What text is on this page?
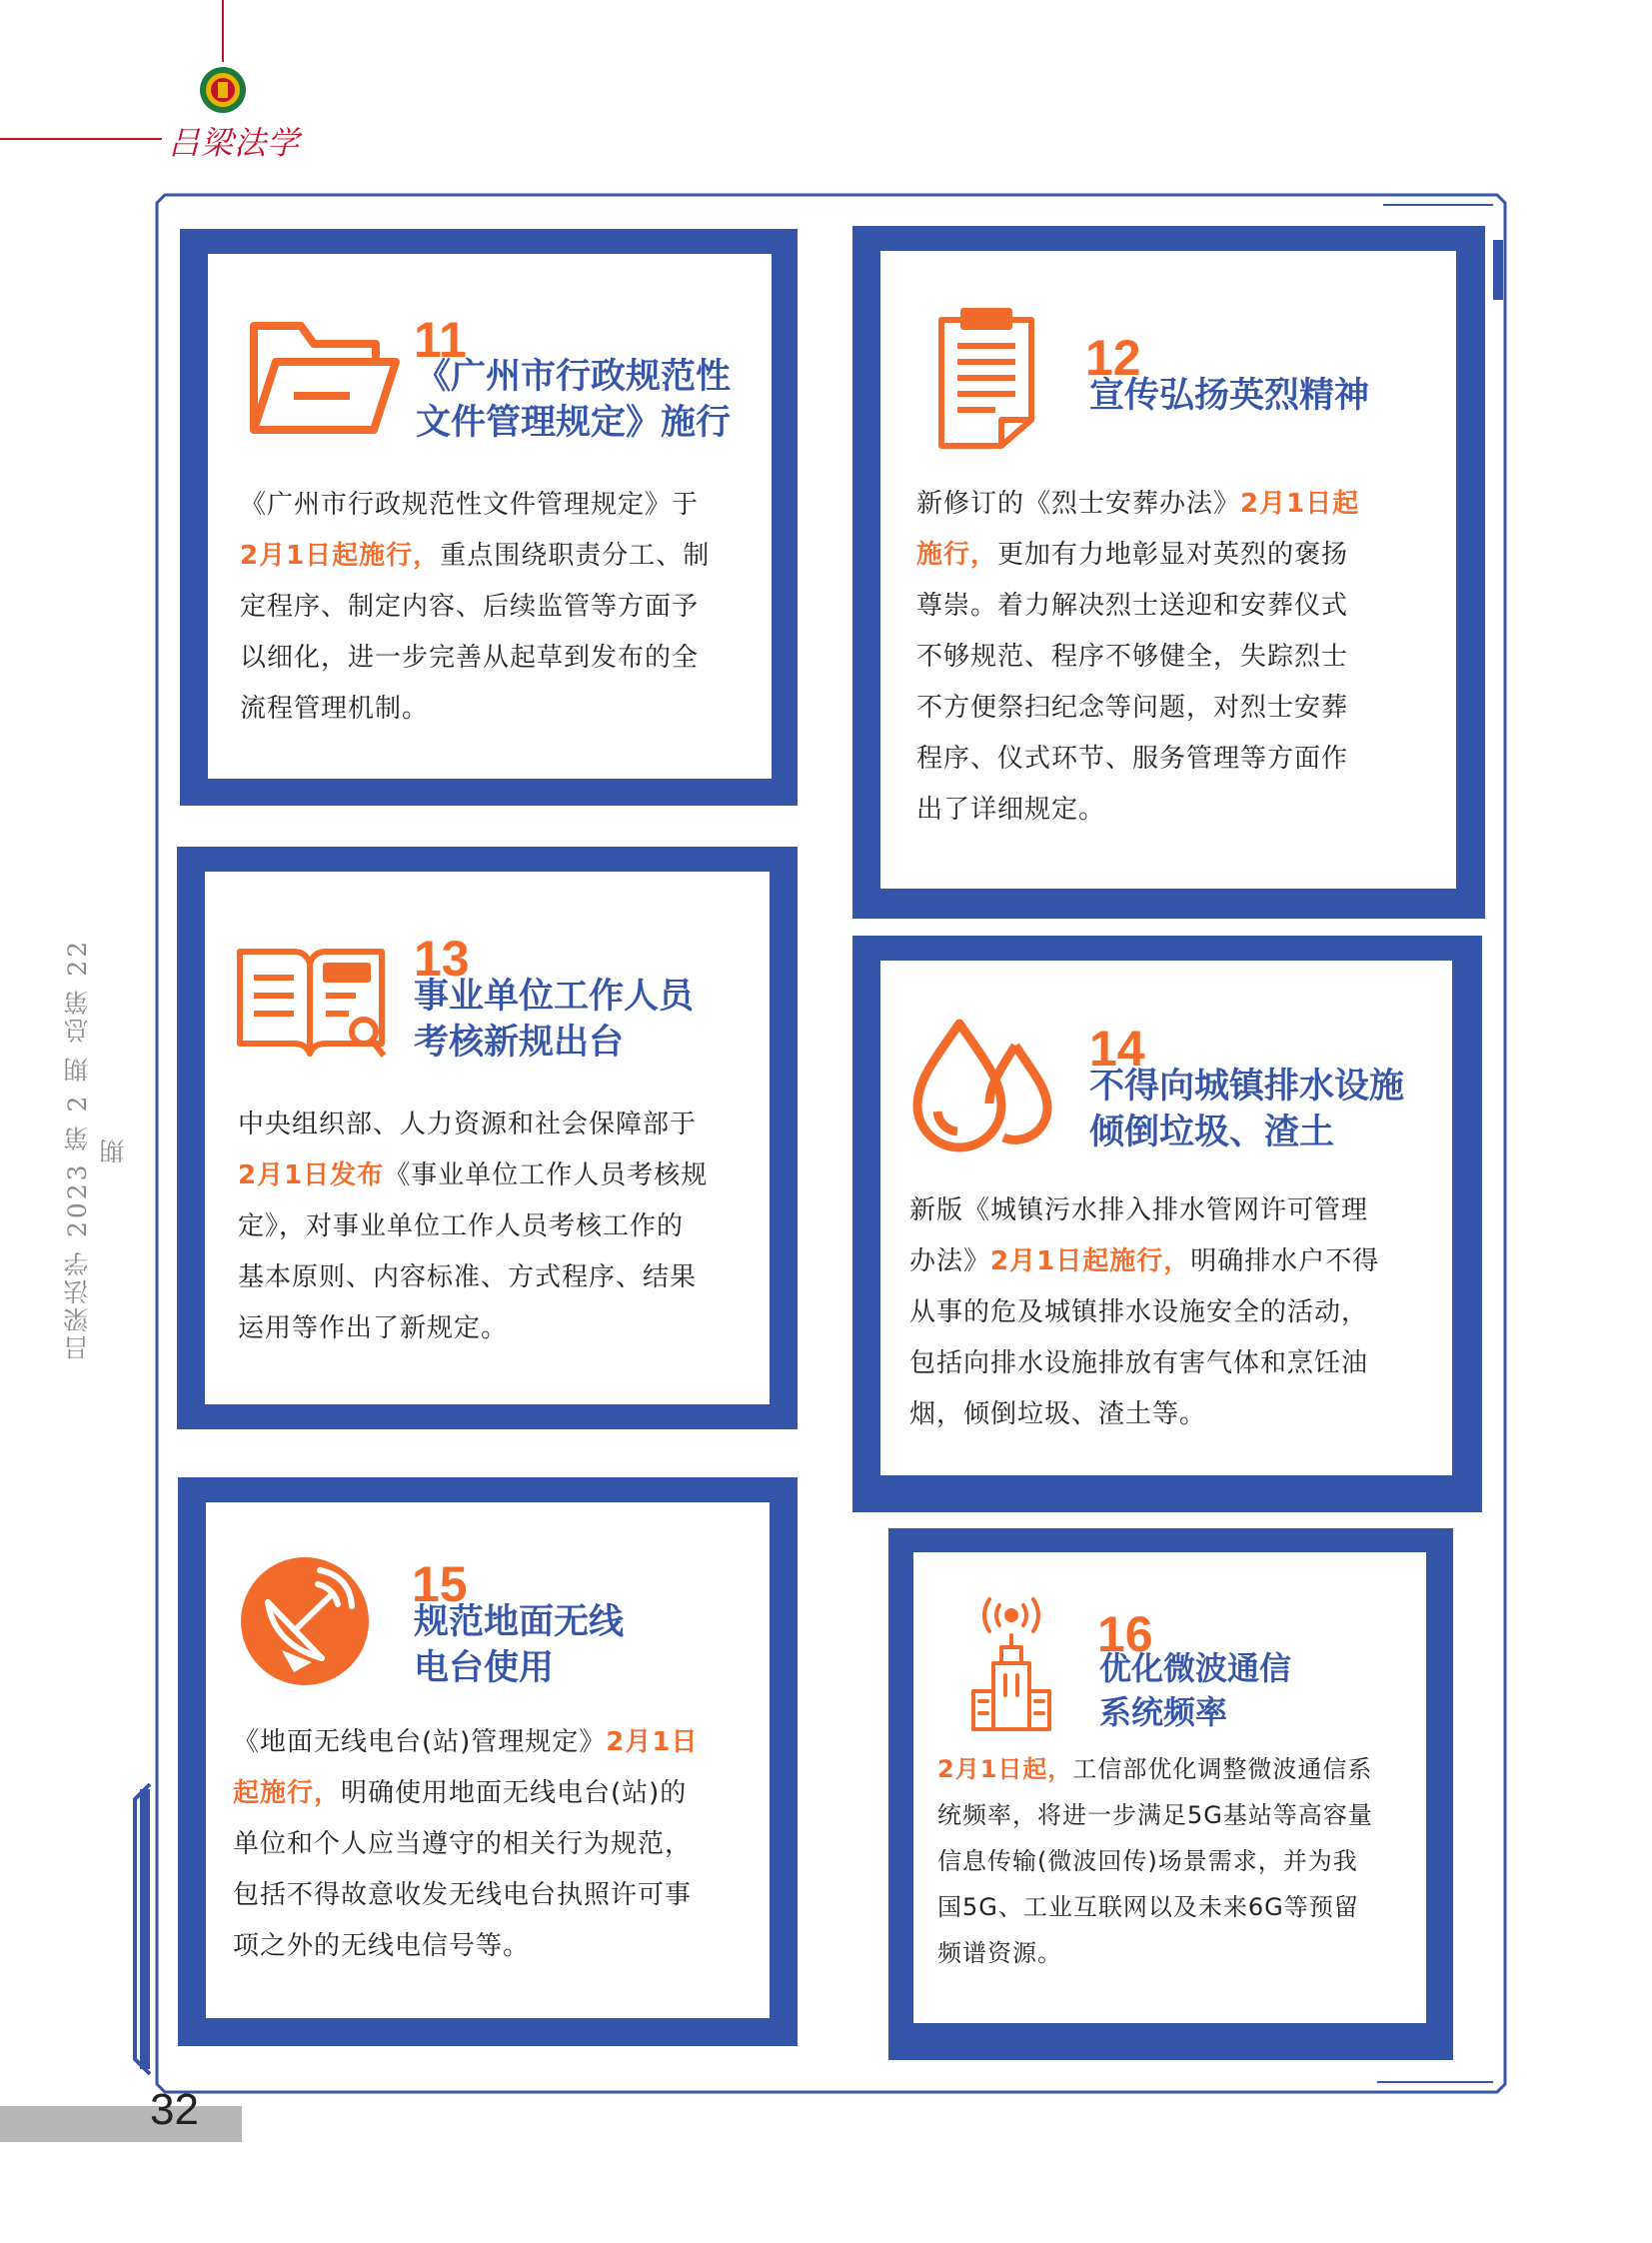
吕梁法学
吕梁法学 2023 第 2 期 总第 22 期
11
《广州市行政规范性
文件管理规定》施行
《广州市行政规范性文件管理规定》于
2月1日起施行，重点围绕职责分工、制
定程序、制定内容、后续监管等方面予
以细化，进一步完善从起草到发布的全
流程管理机制。
12
宣传弘扬英烈精神
新修订的《烈士安葬办法》2月1日起
施行，更加有力地彰显对英烈的褒扬
尊崇。着力解决烈士送迎和安葬仪式
不够规范、程序不够健全，失踪烈士
不方便祭扫纪念等问题，对烈士安葬
程序、仪式环节、服务管理等方面作
出了详细规定。
13
事业单位工作人员
考核新规出台
中央组织部、人力资源和社会保障部于
2月1日发布《事业单位工作人员考核规
定》，对事业单位工作人员考核工作的
基本原则、内容标准、方式程序、结果
运用等作出了新规定。
14
不得向城镇排水设施
倾倒垃圾、渣土
新版《城镇污水排入排水管网许可管理
办法》2月1日起施行，明确排水户不得
从事的危及城镇排水设施安全的活动，
包括向排水设施排放有害气体和烹饪油
烟，倾倒垃圾、渣土等。
15
规范地面无线
电台使用
《地面无线电台(站)管理规定》2月1日
起施行，明确使用地面无线电台(站)的
单位和个人应当遵守的相关行为规范，
包括不得故意收发无线电台执照许可事
项之外的无线电信号等。
16
优化微波通信
系统频率
2月1日起，工信部优化调整微波通信系
统频率，将进一步满足5G基站等高容量
信息传输(微波回传)场景需求，并为我
国5G、工业互联网以及未来6G等预留
频谱资源。
32
